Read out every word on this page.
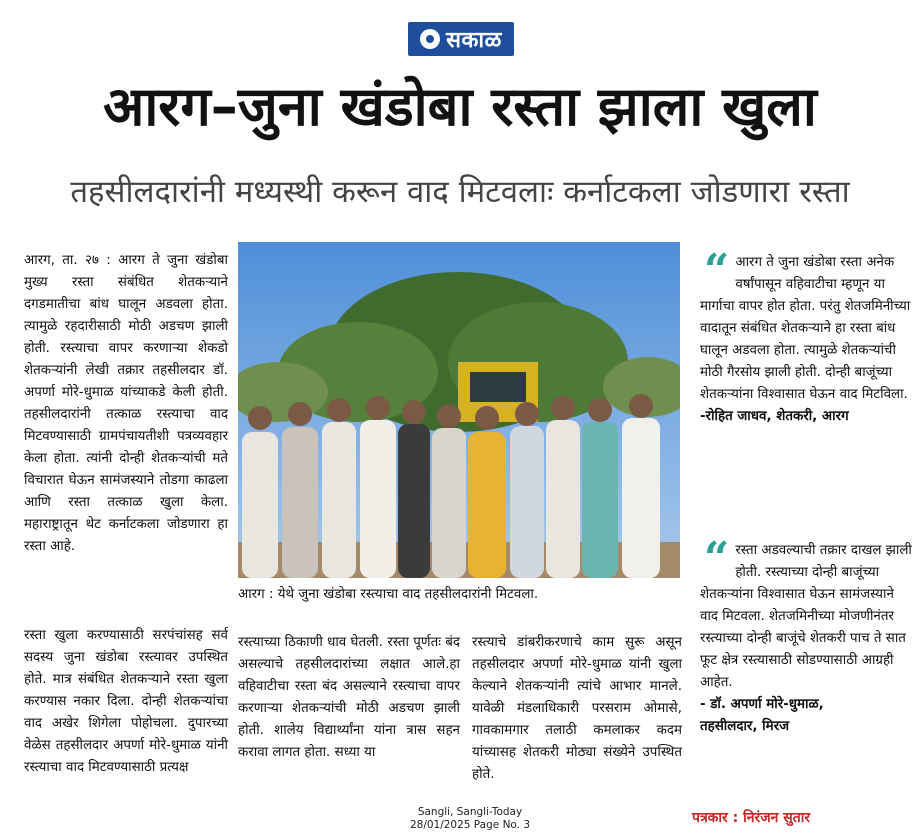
सकाळ
आरग–जुना खंडोबा रस्ता झाला खुला
तहसीलदारांनी मध्यस्थी करून वाद मिटवलाः कर्नाटकला जोडणारा रस्ता
आरग, ता. २७ : आरग ते जुना खंडोबा मुख्य रस्ता संबंधित शेतकऱ्याने दगडमातीचा बांध घालून अडवला होता. त्यामुळे रहदारीसाठी मोठी अडचण झाली होती. रस्त्याचा वापर करणाऱ्या शेकडो शेतकऱ्यांनी लेखी तक्रार तहसीलदार डॉ. अपर्णा मोरे-धुमाळ यांच्याकडे केली होती. तहसीलदारांनी तत्काळ रस्त्याचा वाद मिटवण्यासाठी ग्रामपंचायतीशी पत्रव्यवहार केला होता. त्यांनी दोन्ही शेतकऱ्यांची मते विचारात घेऊन सामंजस्याने तोडगा काढला आणि रस्ता तत्काळ खुला केला. महाराष्ट्रातून थेट कर्नाटकला जोडणारा हा रस्ता आहे.
आरग : येथे जुना खंडोबा रस्त्याचा वाद तहसीलदारांनी मिटवला.
रस्ता खुला करण्यासाठी सरपंचांसह सर्व सदस्य जुना खंडोबा रस्त्यावर उपस्थित होते. मात्र संबंधित शेतकऱ्याने रस्ता खुला करण्यास नकार दिला. दोन्ही शेतकऱ्यांचा वाद अखेर शिगेला पोहोचला. दुपारच्या वेळेस तहसीलदार अपर्णा मोरे-धुमाळ यांनी रस्त्याचा वाद मिटवण्यासाठी प्रत्यक्ष
रस्त्याच्या ठिकाणी धाव घेतली. रस्ता पूर्णतः बंद असल्याचे तहसीलदारांच्या लक्षात आले.हा वहिवाटीचा रस्ता बंद असल्याने रस्त्याचा वापर करणाऱ्या शेतकऱ्यांची मोठी अडचण झाली होती. शालेय विद्यार्थ्यांना यांना त्रास सहन करावा लागत होता. सध्या या
रस्त्याचे डांबरीकरणाचे काम सुरू असून तहसीलदार अपर्णा मोरे-धुमाळ यांनी खुला केल्याने शेतकऱ्यांनी त्यांचे आभार मानले. यावेळी मंडलाधिकारी परसराम ओमासे, गावकामगार तलाठी कमलाकर कदम यांच्यासह शेतकरी मोठ्या संख्येने उपस्थित होते.
“ आरग ते जुना खंडोबा रस्ता अनेक वर्षांपासून वहिवाटीचा म्हणून या मार्गाचा वापर होत होता. परंतु शेतजमिनीच्या वादातून संबंधित शेतकऱ्याने हा रस्ता बांध घालून अडवला होता. त्यामुळे शेतकऱ्यांची मोठी गैरसोय झाली होती. दोन्ही बाजूंच्या शेतकऱ्यांना विश्वासात घेऊन वाद मिटविला.
-रोहित जाधव, शेतकरी, आरग
“ रस्ता अडवल्याची तक्रार दाखल झाली होती. रस्त्याच्या दोन्ही बाजूंच्या शेतकऱ्यांना विश्वासात घेऊन सामंजस्याने वाद मिटवला. शेतजमिनीच्या मोजणीनंतर रस्त्याच्या दोन्ही बाजूंचे शेतकरी पाच ते सात फूट क्षेत्र रस्त्यासाठी सोडण्यासाठी आग्रही आहेत.
- डॉ. अपर्णा मोरे-धुमाळ,
तहसीलदार, मिरज
Sangli, Sangli-Today
28/01/2025 Page No. 3	पत्रकार : निरंजन सुतार
